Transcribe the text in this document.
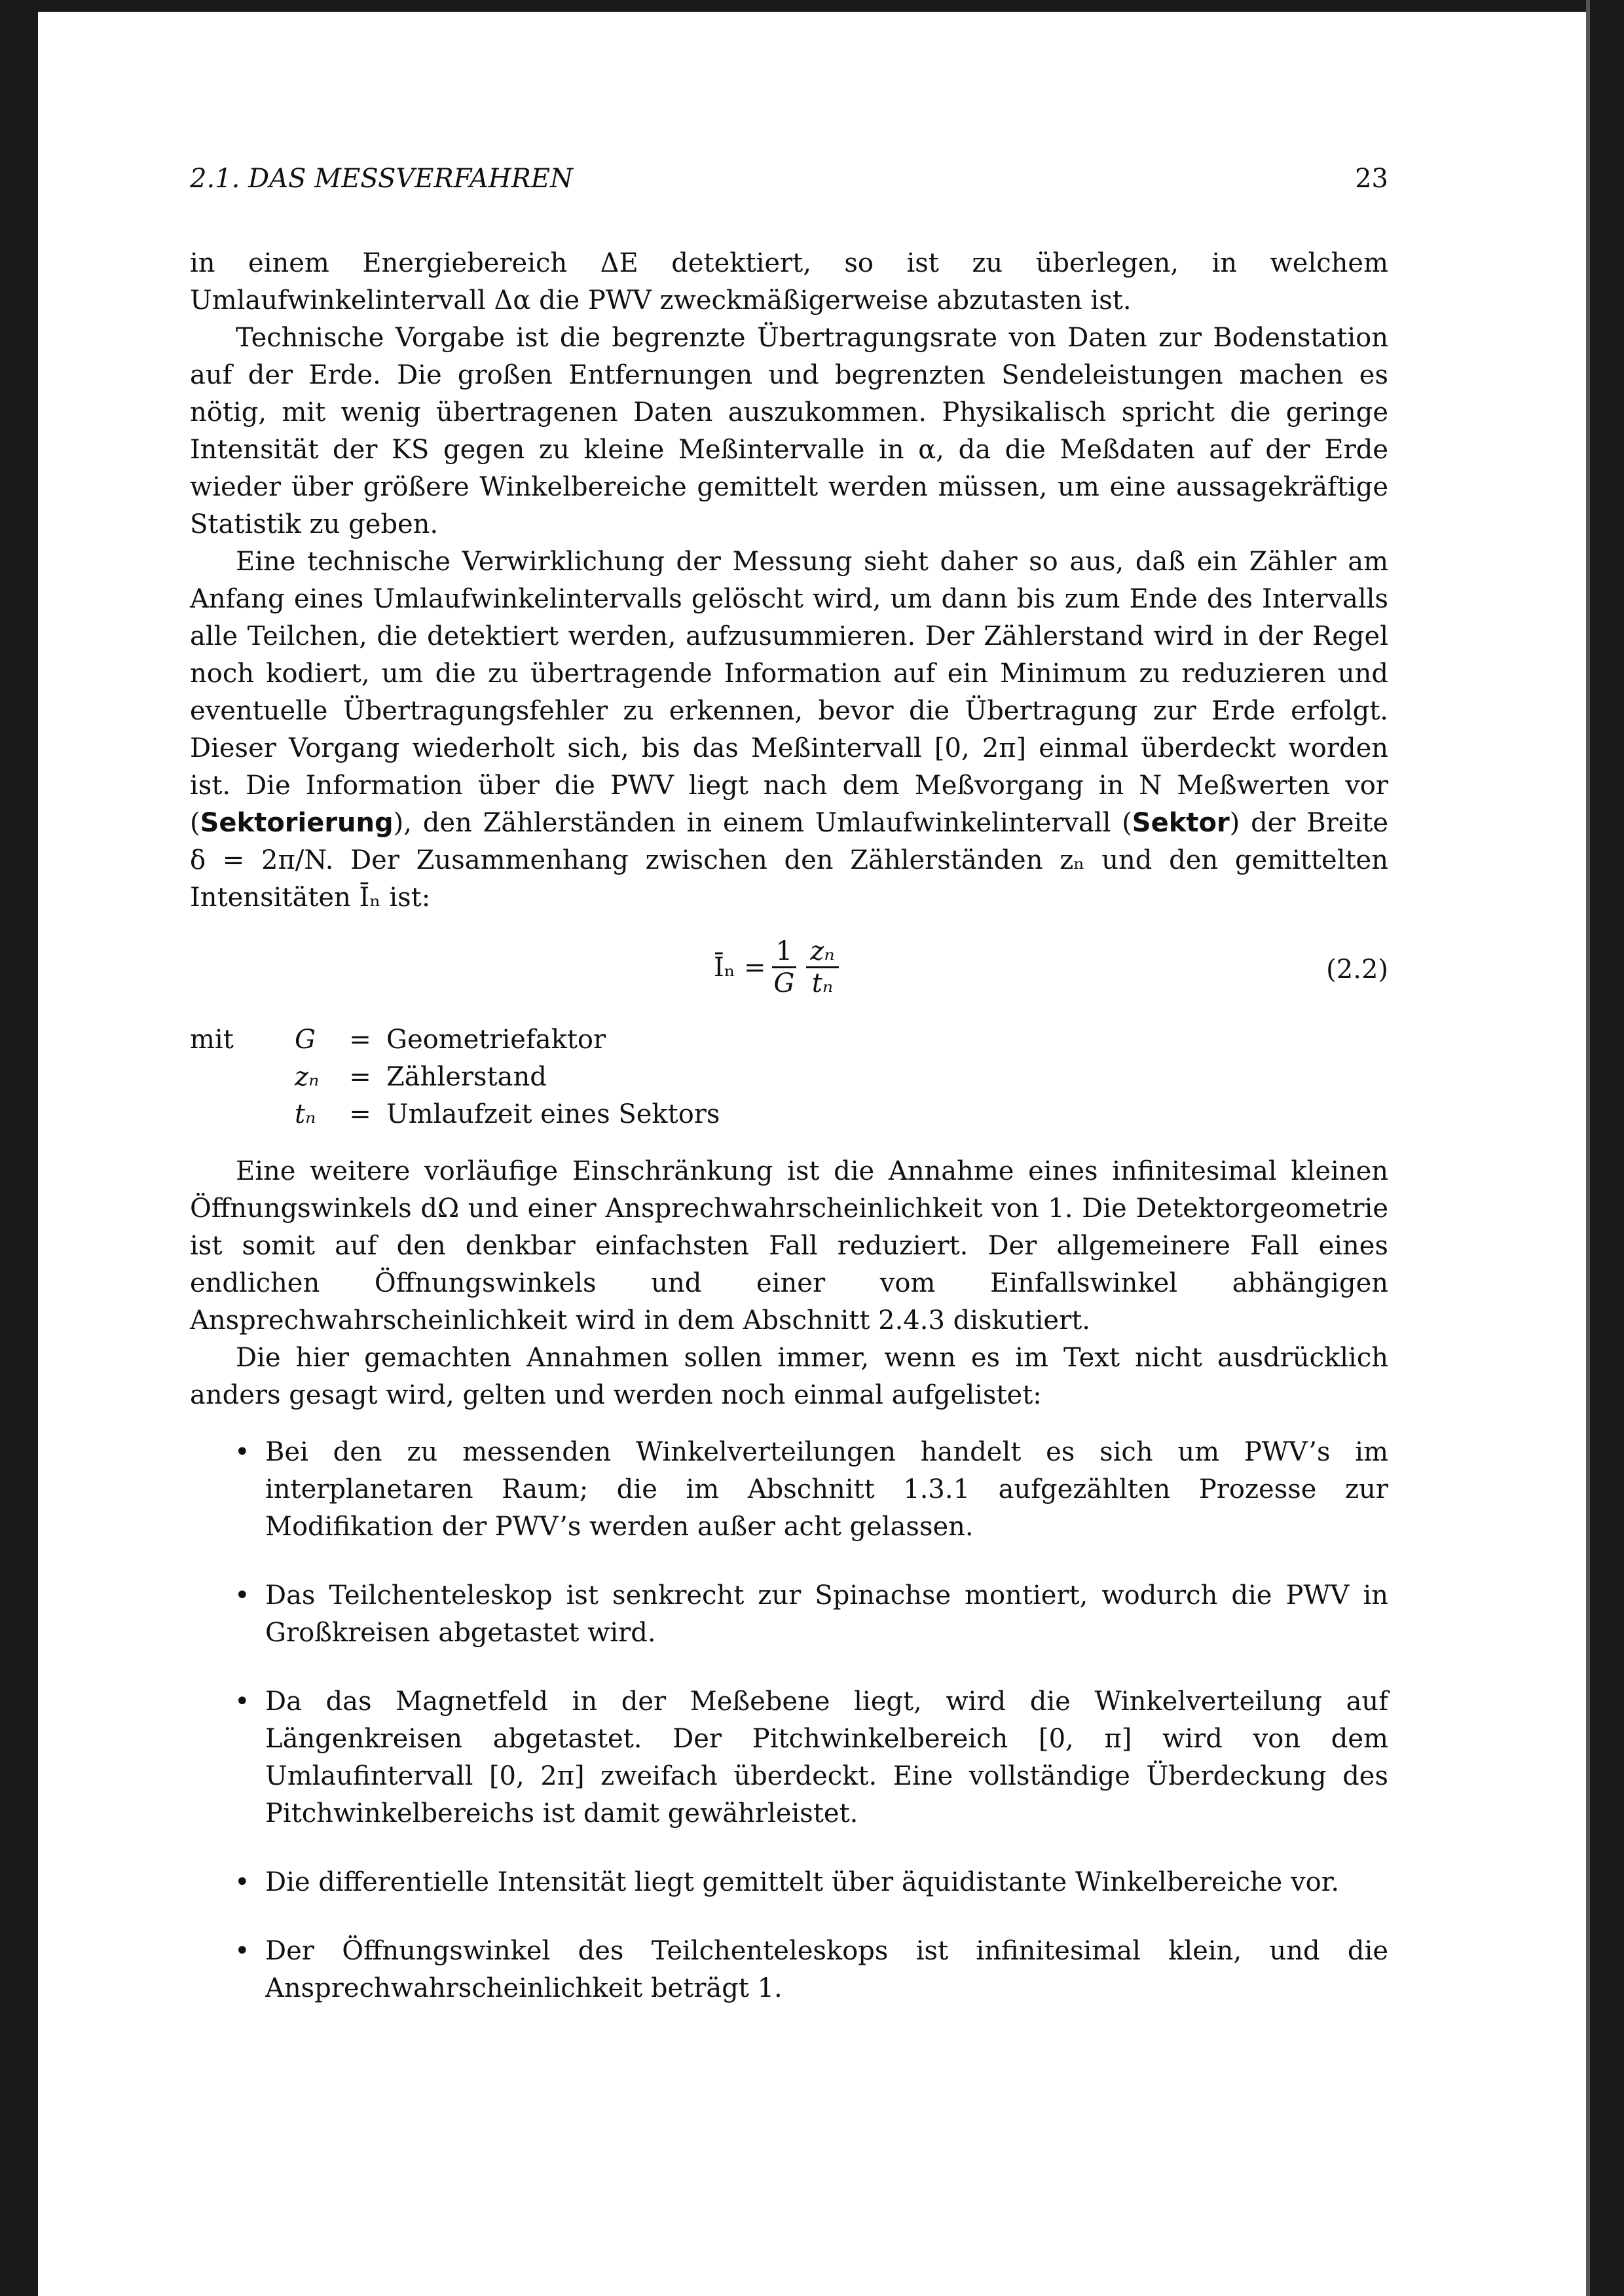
2.1. DAS MESSVERFAHREN	23

in einem Energiebereich ΔE detektiert, so ist zu überlegen, in welchem Umlaufwinkelintervall Δα die PWV zweckmäßigerweise abzutasten ist.

Technische Vorgabe ist die begrenzte Übertragungsrate von Daten zur Bodenstation auf der Erde. Die großen Entfernungen und begrenzten Sendeleistungen machen es nötig, mit wenig übertragenen Daten auszukommen. Physikalisch spricht die geringe Intensität der KS gegen zu kleine Meßintervalle in α, da die Meßdaten auf der Erde wieder über größere Winkelbereiche gemittelt werden müssen, um eine aussagekräftige Statistik zu geben.

Eine technische Verwirklichung der Messung sieht daher so aus, daß ein Zähler am Anfang eines Umlaufwinkelintervalls gelöscht wird, um dann bis zum Ende des Intervalls alle Teilchen, die detektiert werden, aufzusummieren. Der Zählerstand wird in der Regel noch kodiert, um die zu übertragende Information auf ein Minimum zu reduzieren und eventuelle Übertragungsfehler zu erkennen, bevor die Übertragung zur Erde erfolgt. Dieser Vorgang wiederholt sich, bis das Meßintervall [0, 2π] einmal überdeckt worden ist. Die Information über die PWV liegt nach dem Meßvorgang in N Meßwerten vor (Sektorierung), den Zählerständen in einem Umlaufwinkelintervall (Sektor) der Breite δ = 2π/N. Der Zusammenhang zwischen den Zählerständen zₙ und den gemittelten Intensitäten Īₙ ist:

Īₙ = $\frac{1}{G} \frac{\text{zₙ}}{\text{tₙ}}$	(2.2)
mit	G	= Geometriefaktor
zₙ	= Zählerstand
tₙ	= Umlaufzeit eines Sektors

Eine weitere vorläufige Einschränkung ist die Annahme eines infinitesimal kleinen Öffnungswinkels dΩ und einer Ansprechwahrscheinlichkeit von 1. Die Detektorgeometrie ist somit auf den denkbar einfachsten Fall reduziert. Der allgemeinere Fall eines endlichen Öffnungswinkels und einer vom Einfallswinkel abhängigen Ansprechwahrscheinlichkeit wird in dem Abschnitt 2.4.3 diskutiert.

Die hier gemachten Annahmen sollen immer, wenn es im Text nicht ausdrücklich anders gesagt wird, gelten und werden noch einmal aufgelistet:

• Bei den zu messenden Winkelverteilungen handelt es sich um PWV’s im interplanetaren Raum; die im Abschnitt 1.3.1 aufgezählten Prozesse zur Modifikation der PWV’s werden außer acht gelassen.
• Das Teilchenteleskop ist senkrecht zur Spinachse montiert, wodurch die PWV in Großkreisen abgetastet wird.
• Da das Magnetfeld in der Meßebene liegt, wird die Winkelverteilung auf Längenkreisen abgetastet. Der Pitchwinkelbereich [0, π] wird von dem Umlaufintervall [0, 2π] zweifach überdeckt. Eine vollständige Überdeckung des Pitchwinkelbereichs ist damit gewährleistet.
• Die differentielle Intensität liegt gemittelt über äquidistante Winkelbereiche vor.
• Der Öffnungswinkel des Teilchenteleskops ist infinitesimal klein, und die Ansprechwahrscheinlichkeit beträgt 1.
